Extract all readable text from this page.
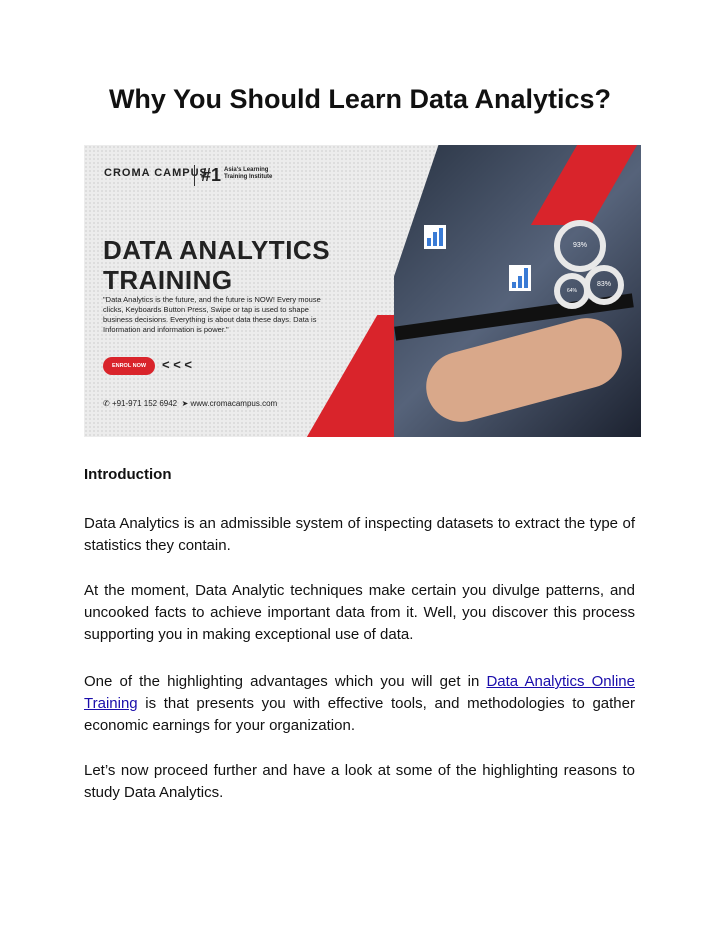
Why You Should Learn Data Analytics?
93%
83%
64%
CROMA CAMPUS
#1 Asia's Learning Training Institute
DATA ANALYTICS
TRAINING
"Data Analytics is the future, and the future is NOW! Every mouse clicks, Keyboards Button Press, Swipe or tap is used to shape business decisions. Everything is about data these days. Data is Information and information is power."
ENROL NOW	< < <
✆ +91-971 152 6942 ➤ www.cromacampus.com

Introduction

Data Analytics is an admissible system of inspecting datasets to extract the type of statistics they contain.

At the moment, Data Analytic techniques make certain you divulge patterns, and uncooked facts to achieve important data from it. Well, you discover this process supporting you in making exceptional use of data.

One of the highlighting advantages which you will get in Data Analytics Online Training is that presents you with effective tools, and methodologies to gather economic earnings for your organization.

Let’s now proceed further and have a look at some of the highlighting reasons to study Data Analytics.
